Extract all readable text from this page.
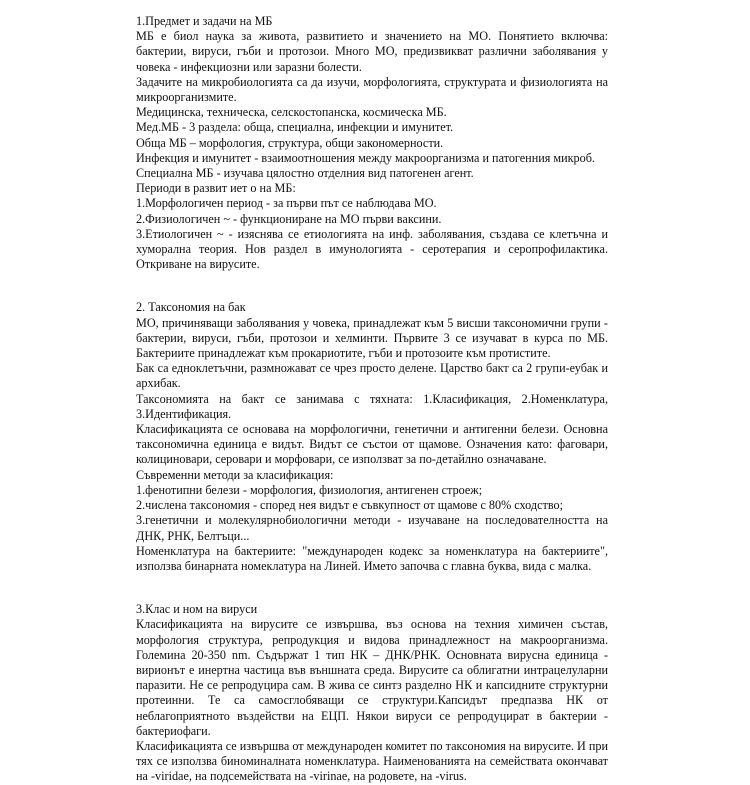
1.Предмет и задачи на МБ

МБ е биол наука за живота, развитието и значението на МО. Понятието включва: бактерии, вируси, гъби и протозои. Много МО, предизвикват различни заболявания у човека - инфекциозни или заразни болести.

Задачите на микробиологията са да изучи, морфологията, структурата и физиологията на микроорганизмите.

Медицинска, техническа, селскостопанска, космическа МБ.

Мед.МБ - 3 раздела: обща, специална, инфекции и имунитет.

Обща МБ – морфология, структура, общи закономерности.

Инфекция и имунитет - взаимоотношения между макроорганизма и патогенния микроб.

Специална МБ - изучава цялостно отделния вид патогенен агент.

Периоди в развит иет о на МБ:

1.Морфологичен период - за първи път се наблюдава МО.

2.Физиологичен ~ - функциониране на МО първи ваксини.

3.Етиологичен ~ - изяснява се етиологията на инф. заболявания, създава се клетъчна и хуморална теория. Нов раздел в имунологията - серотерапия и серопрофилактика. Откриване на вирусите.

2. Таксономия на бак

МО, причиняващи заболявания у човека, принадлежат към 5 висши таксономични групи - бактерии, вируси, гъби, протозои и хелминти. Първите 3 се изучават в курса по МБ. Бактериите принадлежат към прокариотите, гъби и протозоите към протистите.

Бак са едноклетъчни, размножават се чрез просто делене. Царство бакт са 2 групи-еубак и архибак.

Таксономията на бакт се занимава с тяхната: 1.Класификация, 2.Номенклатура, 3.Идентификация.

Класификацията се основава на морфологични, генетични и антигенни белези. Основна таксономична единица е видът. Видът се състои от щамове. Означения като: фаговари, колициновари, серовари и морфовари, се използват за по-детайлно означаване.

Съвременни методи за класификация:

1.фенотипни белези - морфология, физиология, антигенен строеж;

2.числена таксономия - според нея видът е съвкупност от щамове с 80% сходство;

3.генетични и молекулярнобиологични методи - изучаване на последователността на ДНК, РНК, Белтъци...

Номенклатура на бактериите: "международен кодекс за номенклатура на бактериите", използва бинарната номеклатура на Линей. Името започва с главна буква, вида с малка.

3.Клас и ном на вируси

Класификацията на вирусите се извършва, въз основа на техния химичен състав, морфология структура, репродукция и видова принадлежност на макроорганизма. Големина 20-350 nm. Съдържат 1 тип НК – ДНК/РНК. Основната вирусна единица - вирионът е инертна частица във външната среда. Вирусите са облигатни интрацелуларни паразити. Не се репродуцира сам. В жива се синтз разделно НК и капсидните структурни протеинни. Те са самосглобяващи се структури.Капсидът предпазва НК от неблагоприятното въздействи на ЕЦП. Някои вируси се репродуцират в бактерии - бактериофаги.

Класификацията се извършва от международен комитет по таксономия на вирусите. И при тях се използва биноминалната номенклатура. Наименованията на семействата окончават на -viridae, на подсемействата на -virinae, на родовете, на -virus.
